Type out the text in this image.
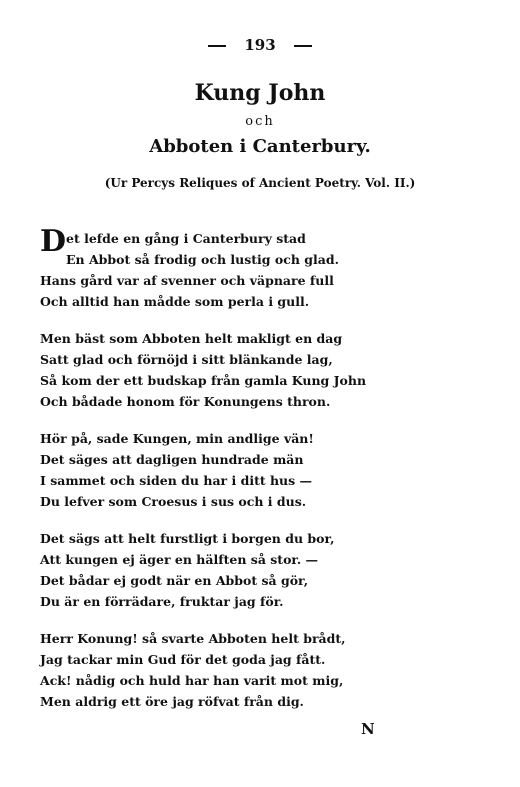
193
Kung John
och
Abboten i Canterbury.
(Ur Percys Reliques of Ancient Poetry. Vol. II.)
Det lefde en gång i Canterbury stad
En Abbot så frodig och lustig och glad.
Hans gård var af svenner och väpnare full
Och alltid han mådde som perla i gull.
Men bäst som Abboten helt makligt en dag
Satt glad och förnöjd i sitt blänkande lag,
Så kom der ett budskap från gamla Kung John
Och bådade honom för Konungens thron.
Hör på, sade Kungen, min andlige vän!
Det säges att dagligen hundrade män
I sammet och siden du har i ditt hus —
Du lefver som Croesus i sus och i dus.
Det sägs att helt furstligt i borgen du bor,
Att kungen ej äger en hälften så stor. —
Det bådar ej godt när en Abbot så gör,
Du är en förrädare, fruktar jag för.
Herr Konung! så svarte Abboten helt brådt,
Jag tackar min Gud för det goda jag fått.
Ack! nådig och huld har han varit mot mig,
Men aldrig ett öre jag röfvat från dig.
N
